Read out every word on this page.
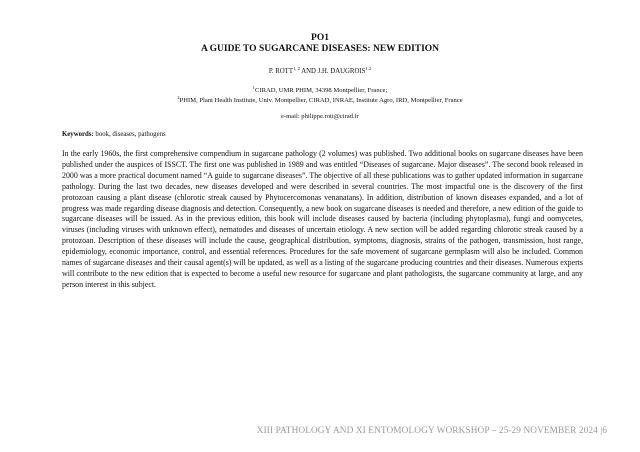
PO1
A GUIDE TO SUGARCANE DISEASES: NEW EDITION
P. ROTT$^{1, 2}$ AND J.H. DAUGROIS$^{1,2}$
$^1$CIRAD, UMR PHIM, 34398 Montpellier, France;
$^2$PHIM, Plant Health Institute, Univ. Montpellier, CIRAD, INRAE, Institute Agro, IRD, Montpellier, France
e-mail: philippe.rott@cirad.fr
Keywords: book, diseases, pathogens

In the early 1960s, the first comprehensive compendium in sugarcane pathology (2 volumes) was published. Two additional books on sugarcane diseases have been published under the auspices of ISSCT. The first one was published in 1989 and was entitled “Diseases of sugarcane. Major diseases”. The second book released in 2000 was a more practical document named “A guide to sugarcane diseases”. The objective of all these publications was to gather updated information in sugarcane pathology. During the last two decades, new diseases developed and were described in several countries. The most impactful one is the discovery of the first protozoan causing a plant disease (chlorotic streak caused by Phytocercomonas venanatans). In addition, distribution of known diseases expanded, and a lot of progress was made regarding disease diagnosis and detection. Consequently, a new book on sugarcane diseases is needed and therefore, a new edition of the guide to sugarcane diseases will be issued. As in the previous edition, this book will include diseases caused by bacteria (including phytoplasma), fungi and oomycetes, viruses (including viruses with unknown effect), nematodes and diseases of uncertain etiology. A new section will be added regarding chlorotic streak caused by a protozoan. Description of these diseases will include the cause, geographical distribution, symptoms, diagnosis, strains of the pathogen, transmission, host range, epidemiology, economic importance, control, and essential references. Procedures for the safe movement of sugarcane germplasm will also be included. Common names of sugarcane diseases and their causal agent(s) will be updated, as well as a listing of the sugarcane producing countries and their diseases. Numerous experts will contribute to the new edition that is expected to become a useful new resource for sugarcane and plant pathologists, the sugarcane community at large, and any person interest in this subject.

XIII PATHOLOGY AND XI ENTOMOLOGY WORKSHOP – 25-29 NOVEMBER 2024 |6
